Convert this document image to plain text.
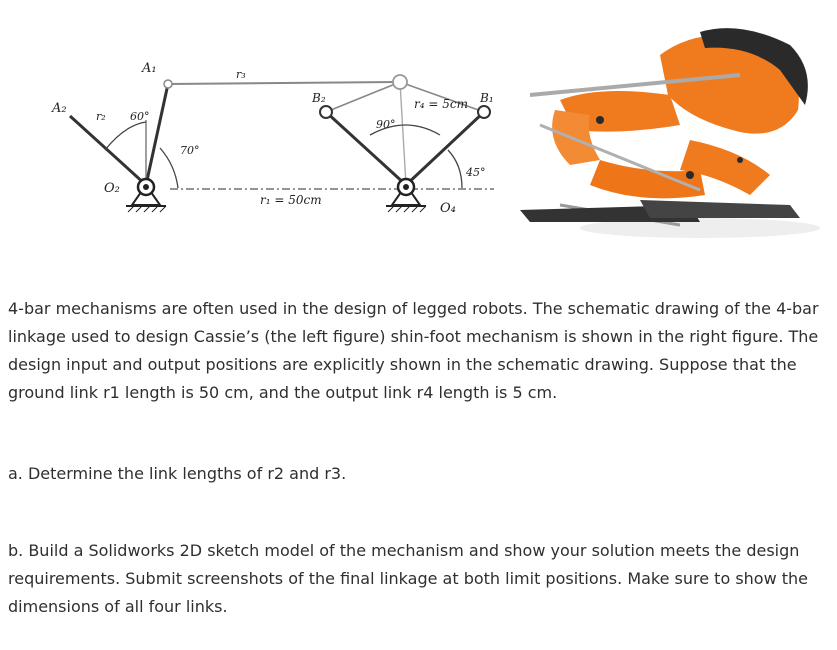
A₁
A₂
r₂ 60°
70°
O₂
r₃
B₂
90°
r₄ = 5cm B₁
45°
O₄
r₁ = 50cm

4-bar mechanisms are often used in the design of legged robots. The schematic drawing of the 4-bar linkage used to design Cassie’s (the left figure) shin-foot mechanism is shown in the right figure. The design input and output positions are explicitly shown in the schematic drawing. Suppose that the ground link r1 length is 50 cm, and the output link r4 length is 5 cm.

a. Determine the link lengths of r2 and r3.

b. Build a Solidworks 2D sketch model of the mechanism and show your solution meets the design requirements. Submit screenshots of the final linkage at both limit positions. Make sure to show the dimensions of all four links.
